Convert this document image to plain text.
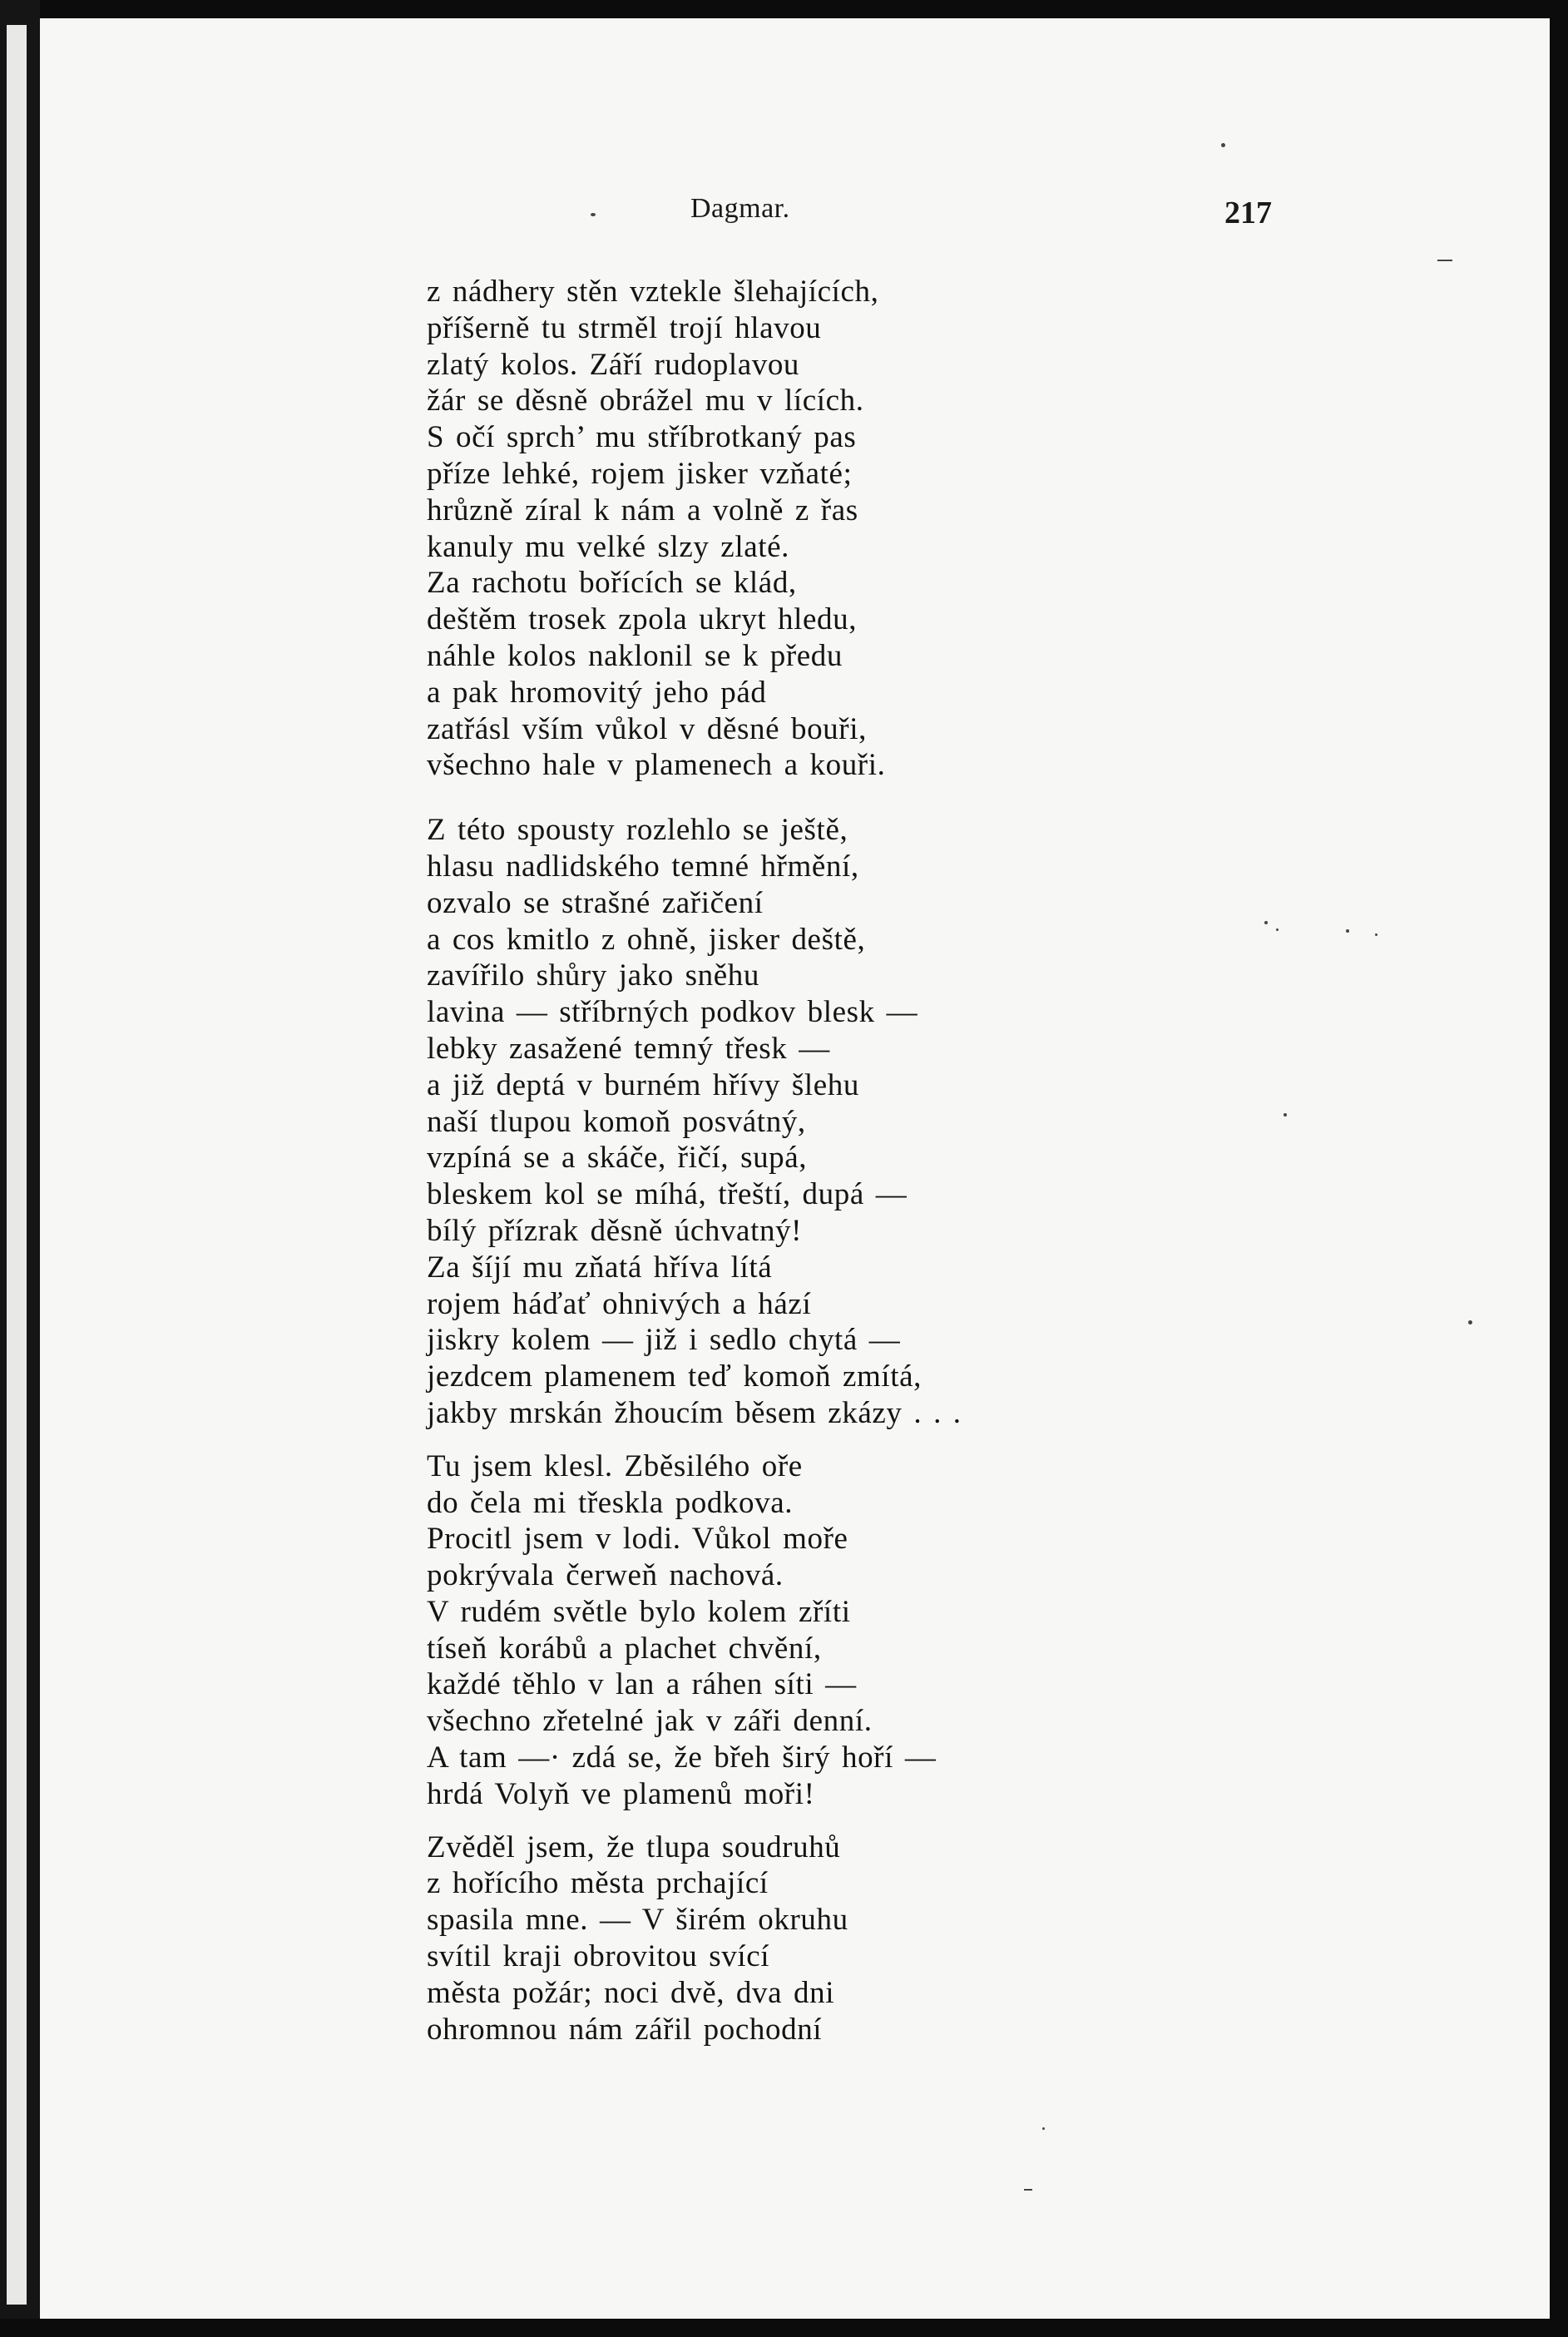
Dagmar.	217
z nádhery stěn vztekle šlehajících,
příšerně tu strměl trojí hlavou
zlatý kolos. Září rudoplavou
žár se děsně obrážel mu v lících.
S očí sprch’ mu stříbrotkaný pas
příze lehké, rojem jisker vzňaté;
hrůzně zíral k nám a volně z řas
kanuly mu velké slzy zlaté.
Za rachotu bořících se klád,
deštěm trosek zpola ukryt hledu,
náhle kolos naklonil se k předu
a pak hromovitý jeho pád
zatřásl vším vůkol v děsné bouři,
všechno hale v plamenech a kouři.
Z této spousty rozlehlo se ještě,
hlasu nadlidského temné hřmění,
ozvalo se strašné zařičení
a cos kmitlo z ohně, jisker deště,
zavířilo shůry jako sněhu
lavina — stříbrných podkov blesk —
lebky zasažené temný třesk —
a již deptá v burném hřívy šlehu
naší tlupou komoň posvátný,
vzpíná se a skáče, řičí, supá,
bleskem kol se míhá, třeští, dupá —
bílý přízrak děsně úchvatný!
Za šíjí mu zňatá hříva lítá
rojem háďať ohnivých a hází
jiskry kolem — již i sedlo chytá —
jezdcem plamenem teď komoň zmítá,
jakby mrskán žhoucím běsem zkázy . . .
Tu jsem klesl. Zběsilého oře
do čela mi třeskla podkova.
Procitl jsem v lodi. Vůkol moře
pokrývala čerweň nachová.
V rudém světle bylo kolem zříti
tíseň korábů a plachet chvění,
každé těhlo v lan a ráhen síti —
všechno zřetelné jak v záři denní.
A tam —· zdá se, že břeh širý hoří —
hrdá Volyň ve plamenů moři!
Zvěděl jsem, že tlupa soudruhů
z hořícího města prchající
spasila mne. — V širém okruhu
svítil kraji obrovitou svící
města požár; noci dvě, dva dni
ohromnou nám zářil pochodní
